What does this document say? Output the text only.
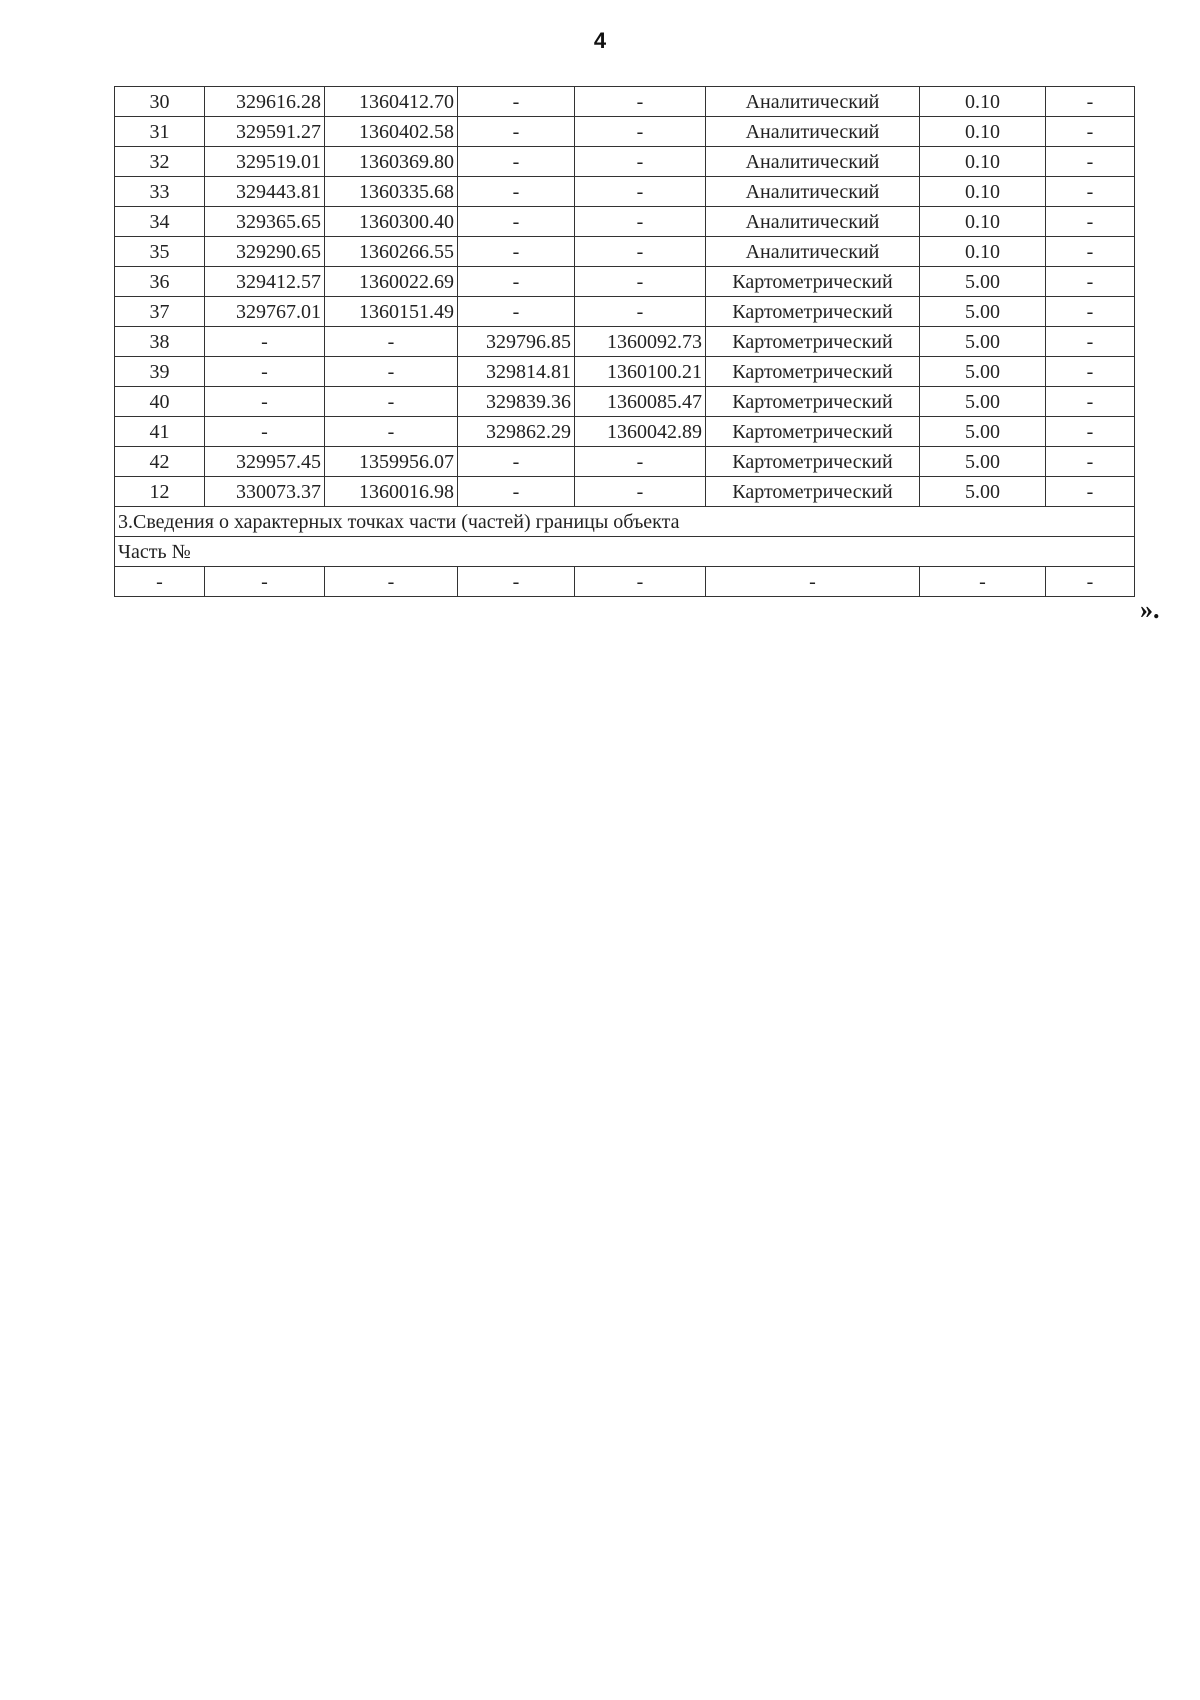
4
30	329616.28	1360412.70	-	-	Аналитический	0.10	-
31	329591.27	1360402.58	-	-	Аналитический	0.10	-
32	329519.01	1360369.80	-	-	Аналитический	0.10	-
33	329443.81	1360335.68	-	-	Аналитический	0.10	-
34	329365.65	1360300.40	-	-	Аналитический	0.10	-
35	329290.65	1360266.55	-	-	Аналитический	0.10	-
36	329412.57	1360022.69	-	-	Картометрический	5.00	-
37	329767.01	1360151.49	-	-	Картометрический	5.00	-
38	-	-	329796.85	1360092.73	Картометрический	5.00	-
39	-	-	329814.81	1360100.21	Картометрический	5.00	-
40	-	-	329839.36	1360085.47	Картометрический	5.00	-
41	-	-	329862.29	1360042.89	Картометрический	5.00	-
42	329957.45	1359956.07	-	-	Картометрический	5.00	-
12	330073.37	1360016.98	-	-	Картометрический	5.00	-
3.Сведения о характерных точках части (частей) границы объекта							
Часть №							
-	-	-	-	-	-	-	-
».
